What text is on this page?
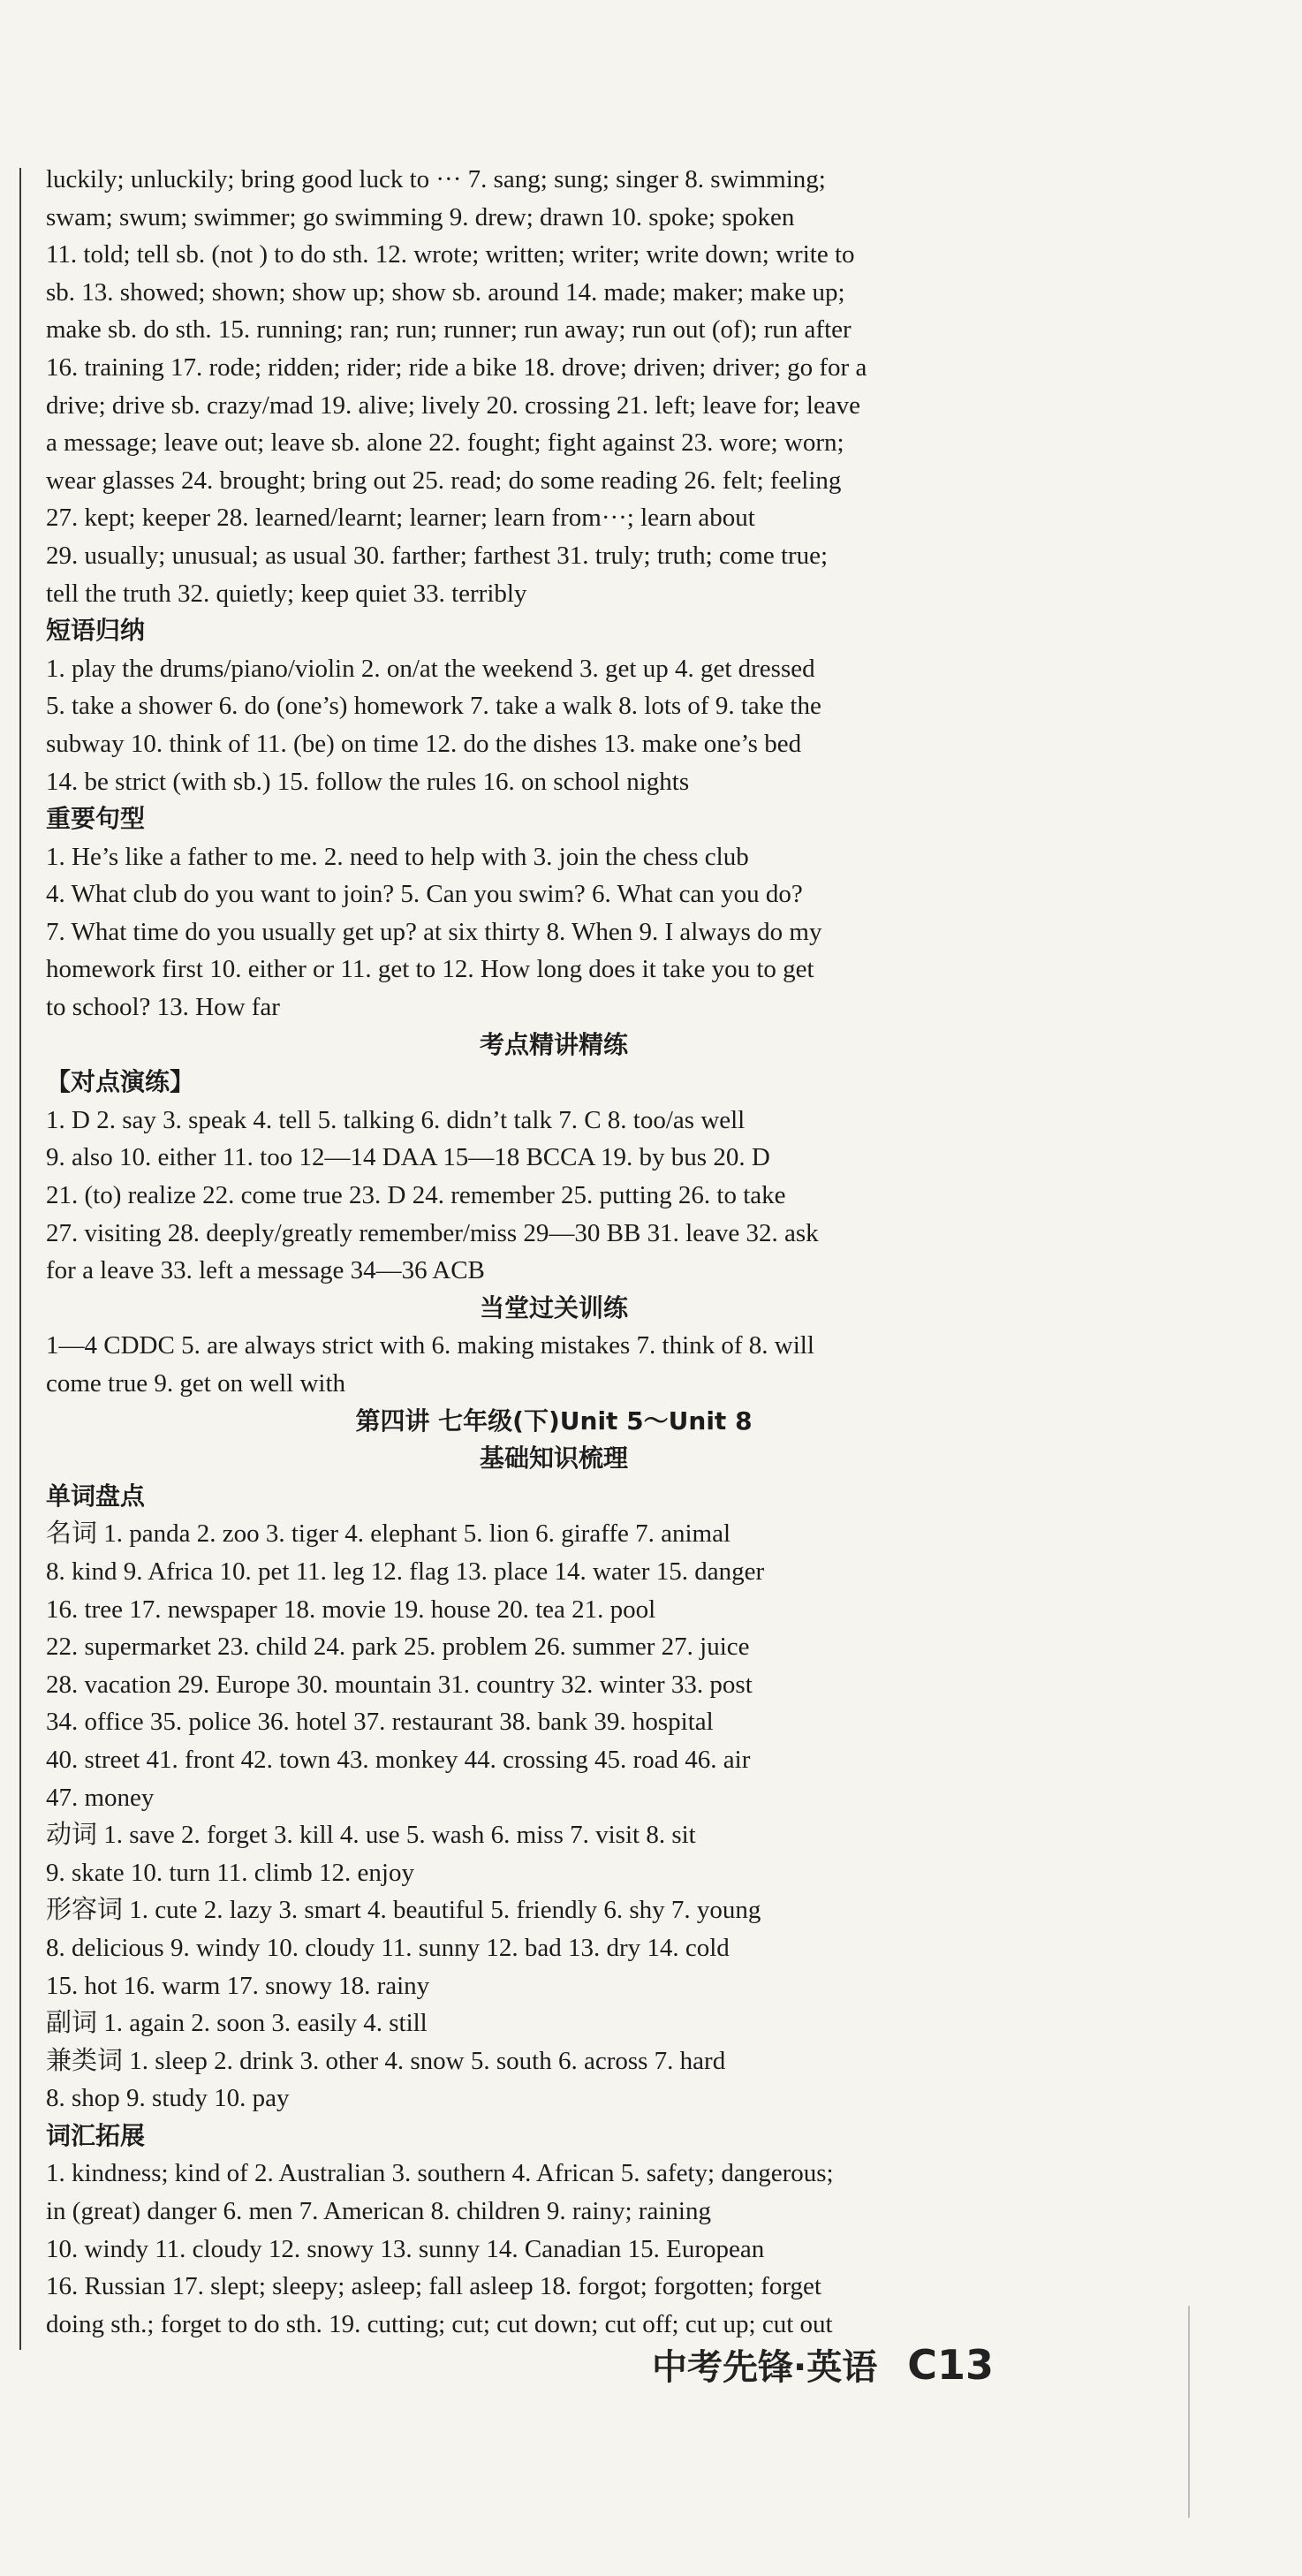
luckily; unluckily; bring good luck to ··· 7. sang; sung; singer 8. swimming;
swam; swum; swimmer; go swimming 9. drew; drawn 10. spoke; spoken
11. told; tell sb. (not ) to do sth. 12. wrote; written; writer; write down; write to
sb. 13. showed; shown; show up; show sb. around 14. made; maker; make up;
make sb. do sth. 15. running; ran; run; runner; run away; run out (of); run after
16. training 17. rode; ridden; rider; ride a bike 18. drove; driven; driver; go for a
drive; drive sb. crazy/mad 19. alive; lively 20. crossing 21. left; leave for; leave
a message; leave out; leave sb. alone 22. fought; fight against 23. wore; worn;
wear glasses 24. brought; bring out 25. read; do some reading 26. felt; feeling
27. kept; keeper 28. learned/learnt; learner; learn from···; learn about
29. usually; unusual; as usual 30. farther; farthest 31. truly; truth; come true;
tell the truth 32. quietly; keep quiet 33. terribly
短语归纳
1. play the drums/piano/violin 2. on/at the weekend 3. get up 4. get dressed
5. take a shower 6. do (one’s) homework 7. take a walk 8. lots of 9. take the
subway 10. think of 11. (be) on time 12. do the dishes 13. make one’s bed
14. be strict (with sb.) 15. follow the rules 16. on school nights
重要句型
1. He’s like a father to me. 2. need to help with 3. join the chess club
4. What club do you want to join? 5. Can you swim? 6. What can you do?
7. What time do you usually get up? at six thirty 8. When 9. I always do my
homework first 10. either or 11. get to 12. How long does it take you to get
to school? 13. How far
考点精讲精练
【对点演练】
1. D 2. say 3. speak 4. tell 5. talking 6. didn’t talk 7. C 8. too/as well
9. also 10. either 11. too 12—14 DAA 15—18 BCCA 19. by bus 20. D
21. (to) realize 22. come true 23. D 24. remember 25. putting 26. to take
27. visiting 28. deeply/greatly remember/miss 29—30 BB 31. leave 32. ask
for a leave 33. left a message 34—36 ACB
当堂过关训练
1—4 CDDC 5. are always strict with 6. making mistakes 7. think of 8. will
come true 9. get on well with
第四讲 七年级(下)Unit 5～Unit 8
基础知识梳理
单词盘点
名词 1. panda 2. zoo 3. tiger 4. elephant 5. lion 6. giraffe 7. animal
8. kind 9. Africa 10. pet 11. leg 12. flag 13. place 14. water 15. danger
16. tree 17. newspaper 18. movie 19. house 20. tea 21. pool
22. supermarket 23. child 24. park 25. problem 26. summer 27. juice
28. vacation 29. Europe 30. mountain 31. country 32. winter 33. post
34. office 35. police 36. hotel 37. restaurant 38. bank 39. hospital
40. street 41. front 42. town 43. monkey 44. crossing 45. road 46. air
47. money
动词 1. save 2. forget 3. kill 4. use 5. wash 6. miss 7. visit 8. sit
9. skate 10. turn 11. climb 12. enjoy
形容词 1. cute 2. lazy 3. smart 4. beautiful 5. friendly 6. shy 7. young
8. delicious 9. windy 10. cloudy 11. sunny 12. bad 13. dry 14. cold
15. hot 16. warm 17. snowy 18. rainy
副词 1. again 2. soon 3. easily 4. still
兼类词 1. sleep 2. drink 3. other 4. snow 5. south 6. across 7. hard
8. shop 9. study 10. pay
词汇拓展
1. kindness; kind of 2. Australian 3. southern 4. African 5. safety; dangerous;
in (great) danger 6. men 7. American 8. children 9. rainy; raining
10. windy 11. cloudy 12. snowy 13. sunny 14. Canadian 15. European
16. Russian 17. slept; sleepy; asleep; fall asleep 18. forgot; forgotten; forget
doing sth.; forget to do sth. 19. cutting; cut; cut down; cut off; cut up; cut out
中考先锋·英语 C13
